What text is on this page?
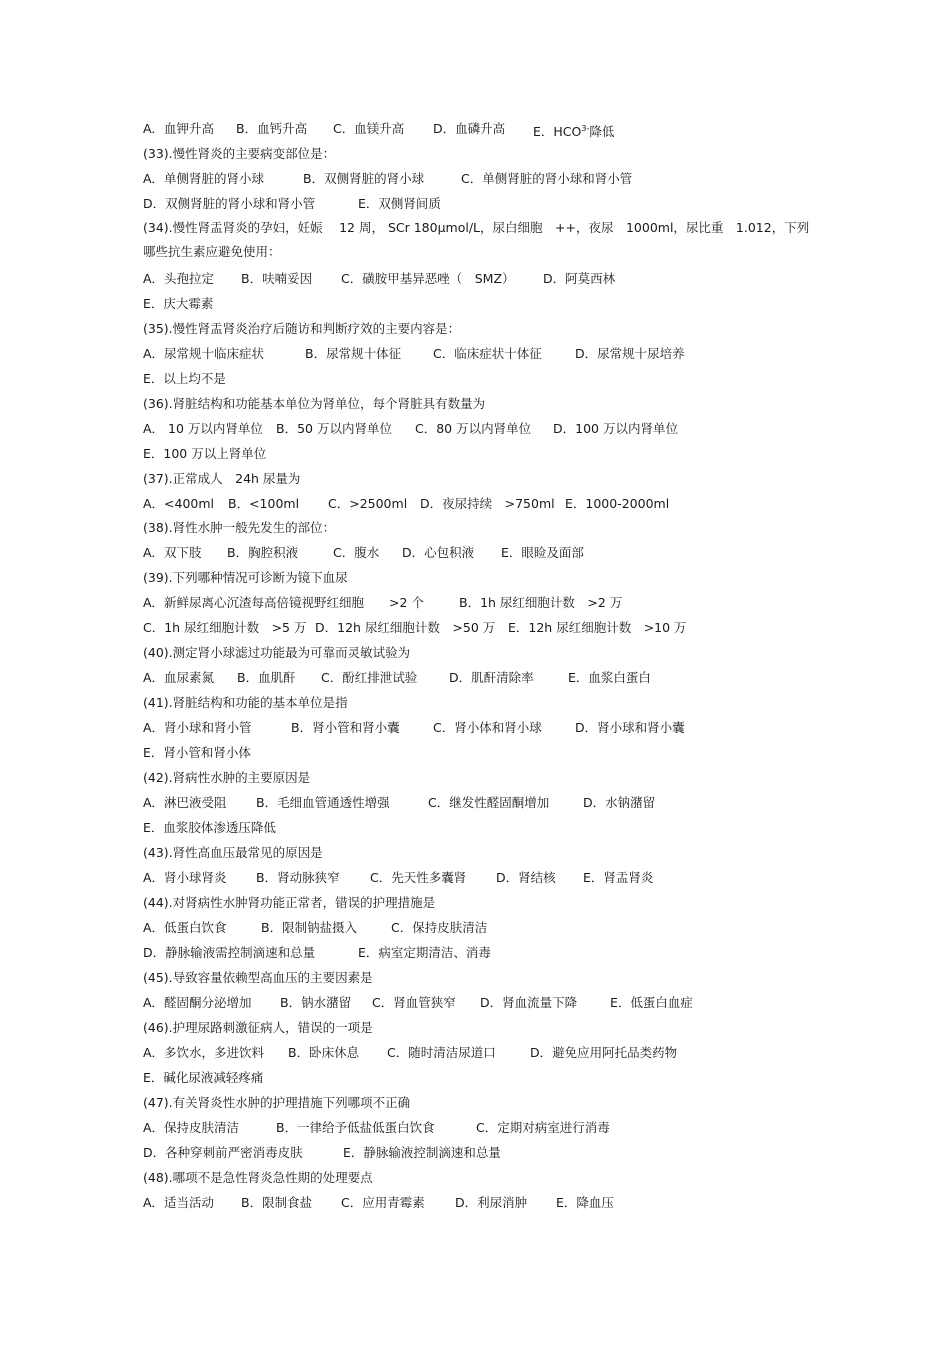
A．血钾升高 B．血钙升高 C．血镁升高 D．血磷升高 E．$HCO^{3-}$降低
(33).慢性肾炎的主要病变部位是：
A．单侧肾脏的肾小球	B．双侧肾脏的肾小球	C．单侧肾脏的肾小球和肾小管
D．双侧肾脏的肾小球和肾小管	E．双侧肾间质
(34).慢性肾盂肾炎的孕妇，妊娠　 12 周， SCr 180μmol/L，尿白细胞　++，夜尿　1000ml，尿比重　1.012，下列哪些抗生素应避免使用：
A．头孢拉定 B．呋喃妥因 C．磺胺甲基异恶唑（　SMZ） D．阿莫西林
E．庆大霉素
(35).慢性肾盂肾炎治疗后随访和判断疗效的主要内容是：
A．尿常规十临床症状	B．尿常规十体征	C．临床症状十体征	D．尿常规十尿培养
E．以上均不是
(36).肾脏结构和功能基本单位为肾单位，每个肾脏具有数量为
A． 10 万以内肾单位 B．50 万以内肾单位 C．80 万以内肾单位 D．100 万以内肾单位
E．100 万以上肾单位
(37).正常成人　24h 尿量为
A．<400ml B．<100ml C．>2500ml D．夜尿持续　>750ml E．1000-2000ml
(38).肾性水肿一般先发生的部位：
A．双下肢 B．胸腔积液	C．腹水 D．心包积液 E．眼睑及面部
(39).下列哪种情况可诊断为镜下血尿
A．新鲜尿离心沉渣每高倍镜视野红细胞　　>2 个	B．1h 尿红细胞计数　>2 万
C．1h 尿红细胞计数　>5 万 D．12h 尿红细胞计数　>50 万 E．12h 尿红细胞计数　>10 万
(40).测定肾小球滤过功能最为可靠而灵敏试验为
A．血尿素氮 B．血肌酐 C．酚红排泄试验	D．肌酐清除率	E．血浆白蛋白
(41).肾脏结构和功能的基本单位是指
A．肾小球和肾小管	B．肾小管和肾小囊	C．肾小体和肾小球	D．肾小球和肾小囊
E．肾小管和肾小体
(42).肾病性水肿的主要原因是
A．淋巴液受阻 B．毛细血管通透性增强	C．继发性醛固酮增加	D．水钠潴留
E．血浆胶体渗透压降低
(43).肾性高血压最常见的原因是
A．肾小球肾炎 B．肾动脉狭窄 C．先天性多囊肾 D．肾结核 E．肾盂肾炎
(44).对肾病性水肿肾功能正常者，错误的护理措施是
A．低蛋白饮食	B．限制钠盐摄入	C．保持皮肤清洁
D．静脉输液需控制滴速和总量	E．病室定期清洁、消毒
(45).导致容量依赖型高血压的主要因素是
A．醛固酮分泌增加 B．钠水潴留 C．肾血管狭窄 D．肾血流量下降	E．低蛋白血症
(46).护理尿路刺激征病人，错误的一项是
A．多饮水，多进饮料 B．卧床休息 C．随时清洁尿道口	D．避免应用阿托品类药物
E．碱化尿液减轻疼痛
(47).有关肾炎性水肿的护理措施下列哪项不正确
A．保持皮肤清洁	B．一律给予低盐低蛋白饮食	C．定期对病室进行消毒
D．各种穿刺前严密消毒皮肤	E．静脉输液控制滴速和总量
(48).哪项不是急性肾炎急性期的处理要点
A．适当活动 B．限制食盐 C．应用青霉素 D．利尿消肿 E．降血压
